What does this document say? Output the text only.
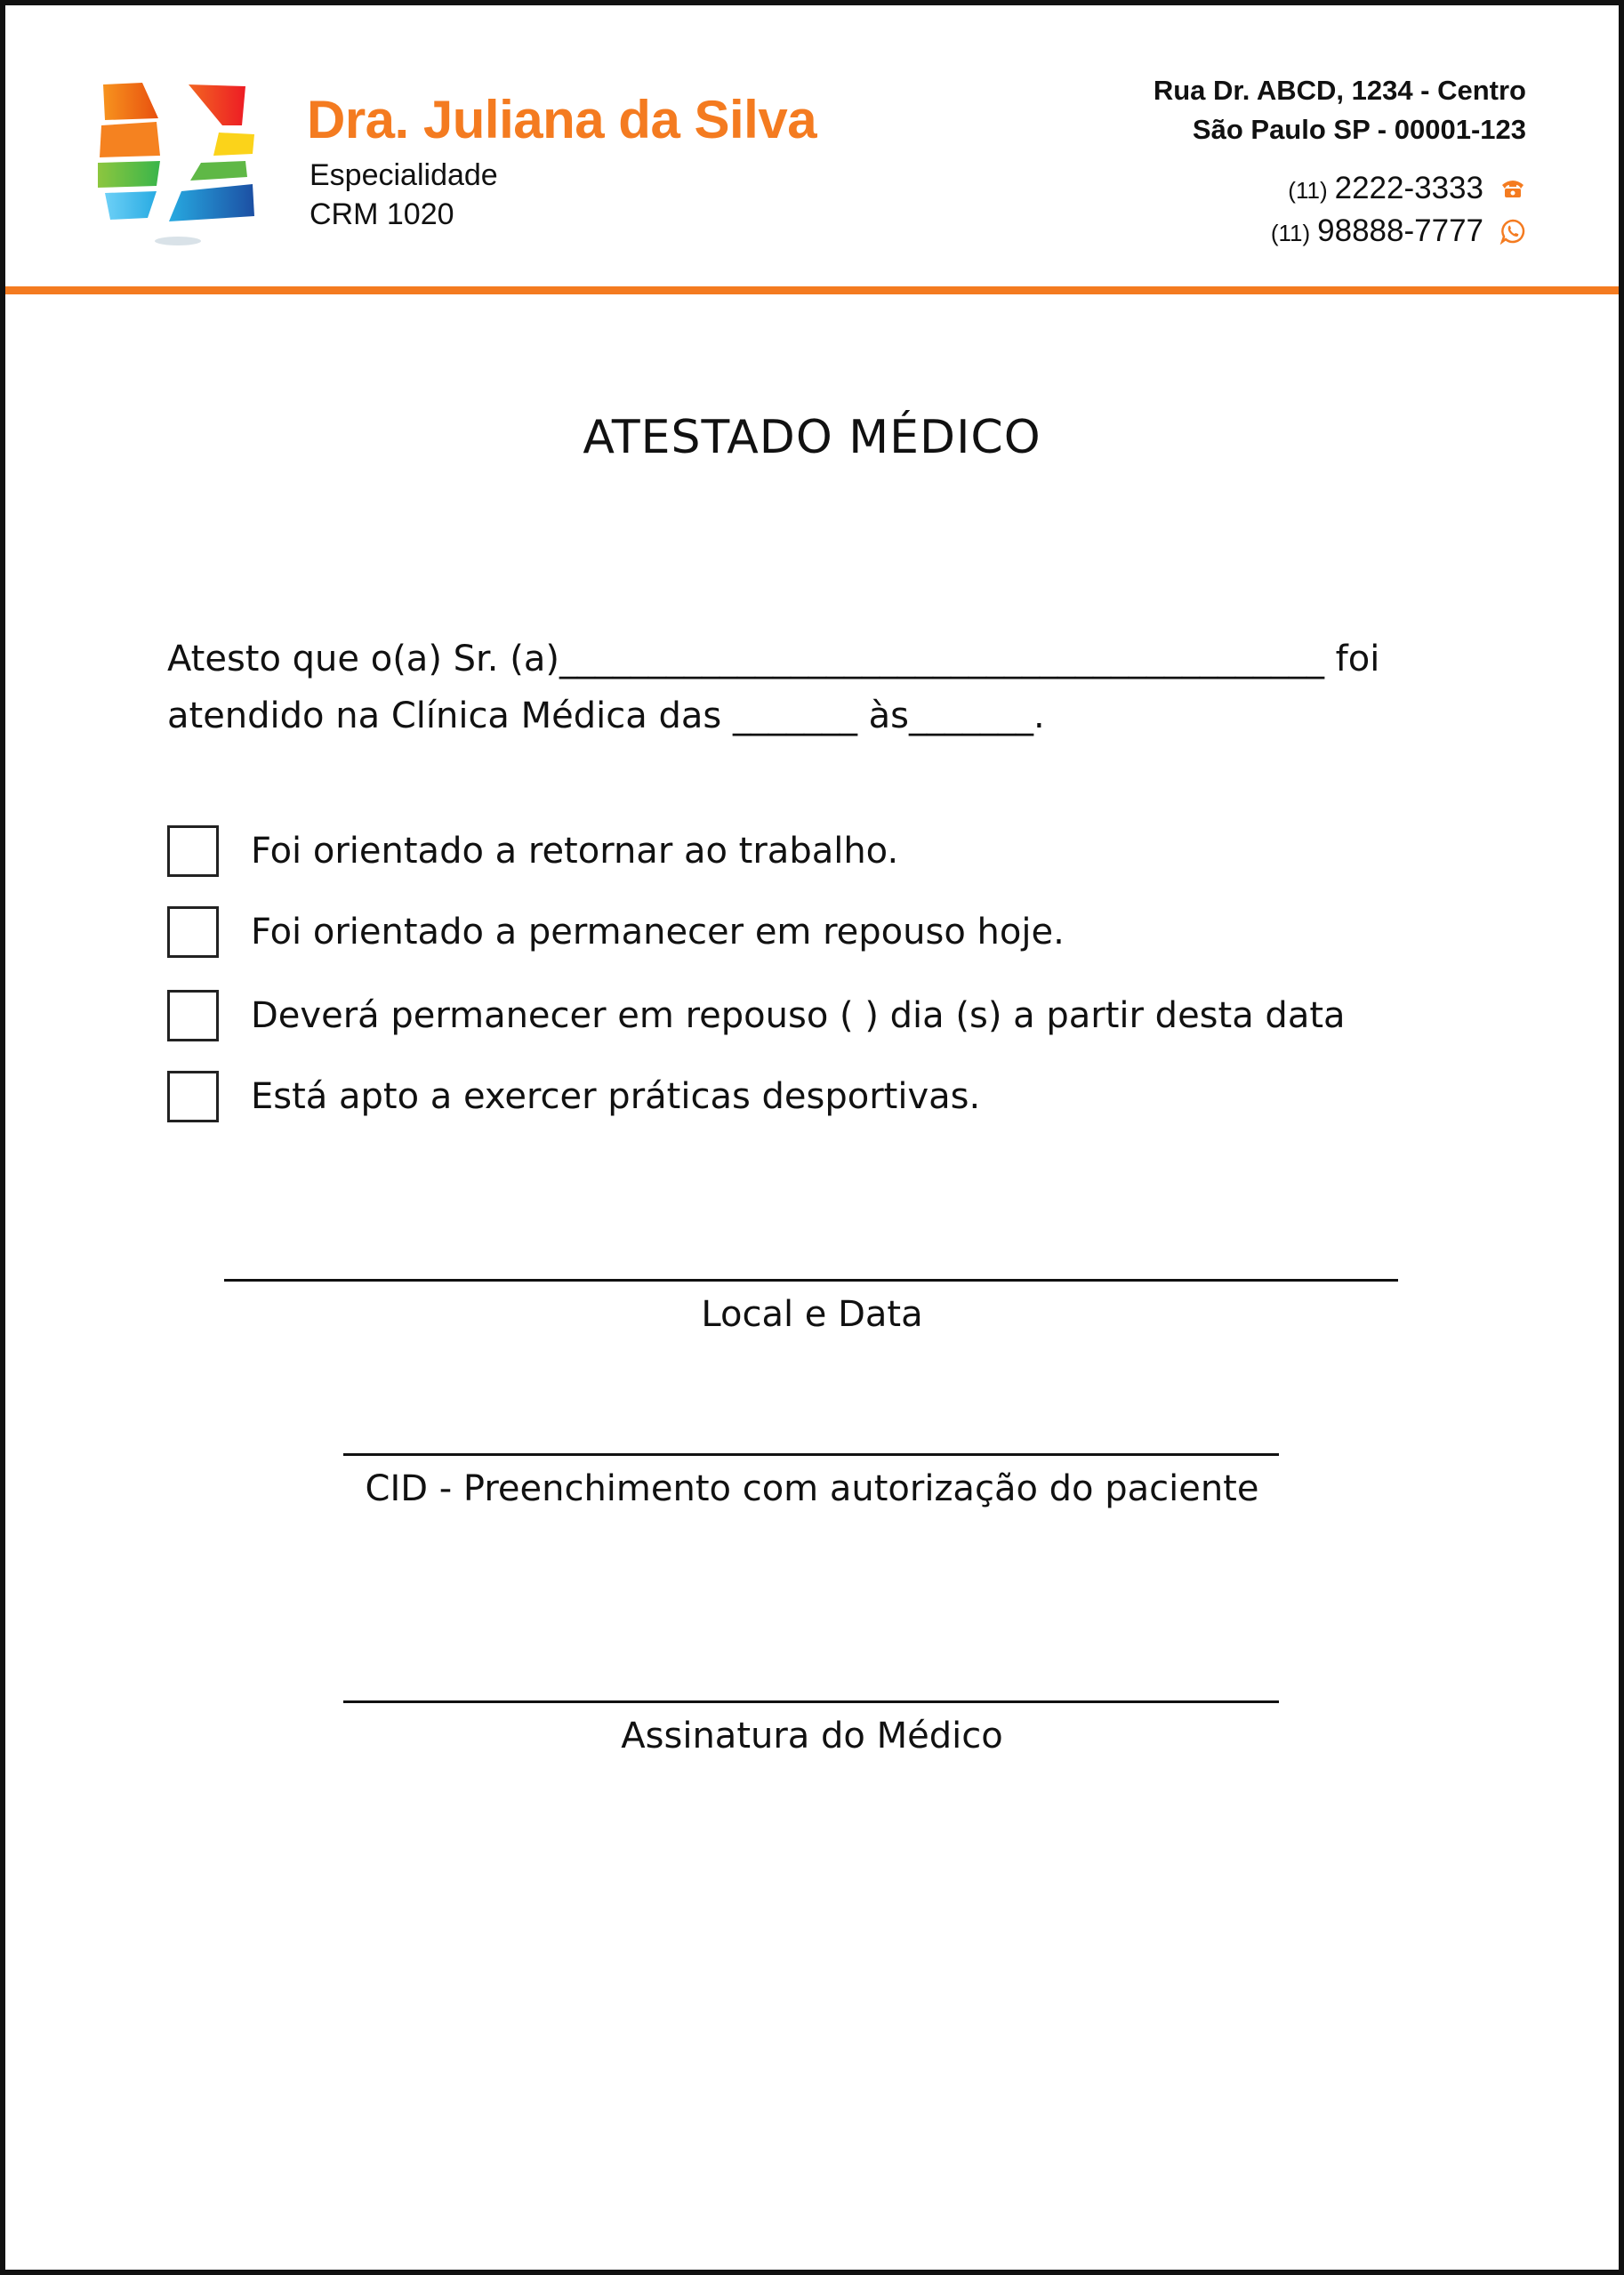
Dra. Juliana da Silva
Especialidade
CRM 1020
Rua Dr. ABCD, 1234 - Centro
São Paulo SP - 00001-123
(11) 2222-3333
(11) 98888-7777
ATESTADO MÉDICO
Atesto que o(a) Sr. (a)___________________________________________ foi
atendido na Clínica Médica das _______ às_______.
Foi orientado a retornar ao trabalho.
Foi orientado a permanecer em repouso hoje.
Deverá permanecer em repouso ( ) dia (s) a partir desta data
Está apto a exercer práticas desportivas.
Local e Data
CID - Preenchimento com autorização do paciente
Assinatura do Médico
